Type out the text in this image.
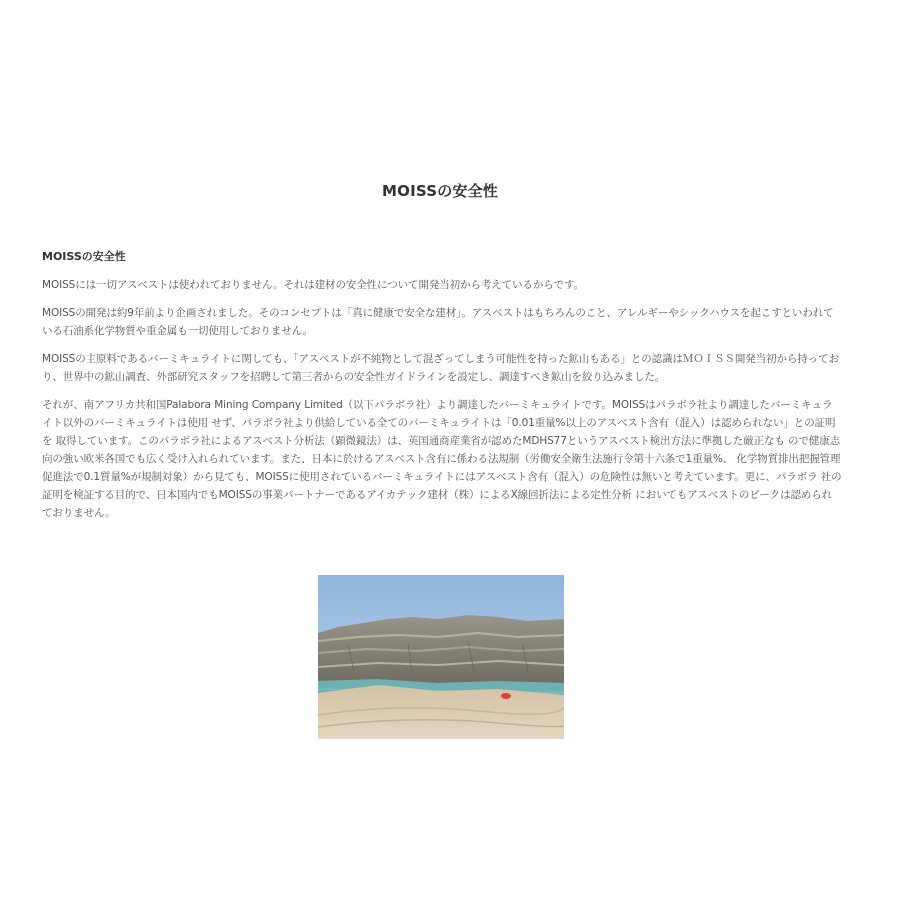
MOISSの安全性
MOISSの安全性

MOISSには一切アスベストは使われておりません。それは建材の安全性について開発当初から考えているからです。

MOISSの開発は約9年前より企画されました。そのコンセプトは「真に健康で安全な建材」。アスベストはもちろんのこと、アレルギーやシックハウスを起こすといわれている石油系化学物質や重金属も一切使用しておりません。

MOISSの主原料であるバーミキュライトに関しても、「アスベストが不純物として混ざってしまう可能性を持った鉱山もある」との認識はＭＯＩＳＳ開発当初から持っており、世界中の鉱山調査、外部研究スタッフを招聘して第三者からの安全性ガイドラインを設定し、調達すべき鉱山を絞り込みました。

それが、南アフリカ共和国Palabora Mining Company Limited（以下パラボラ社）より調達したバーミキュライトです。MOISSはパラボラ社より調達したバーミキュライト以外のバーミキュライトは使用 せず、パラボラ社より供給している全てのバーミキュライトは「0.01重量%以上のアスベスト含有（混入）は認められない」との証明を 取得しています。このパラボラ社によるアスベスト分析法（顕微鏡法）は、英国通商産業省が認めたMDHS77というアスベスト検出方法に準拠した厳正なも ので健康志向の強い欧米各国でも広く受け入れられています。また、日本に於けるアスベスト含有に係わる法規制（労働安全衛生法施行令第十六条で1重量%、 化学物質排出把握管理促進法で0.1質量%が規制対象）から見ても、MOISSに使用されているバーミキュライトにはアスベスト含有（混入）の危険性は無いと考えています。更に、パラボラ 社の証明を検証する目的で、日本国内でもMOISSの事業パートナーであるアイカテック建材（株）によるX線回折法による定性分析 においてもアスベストのピークは認められておりません。
